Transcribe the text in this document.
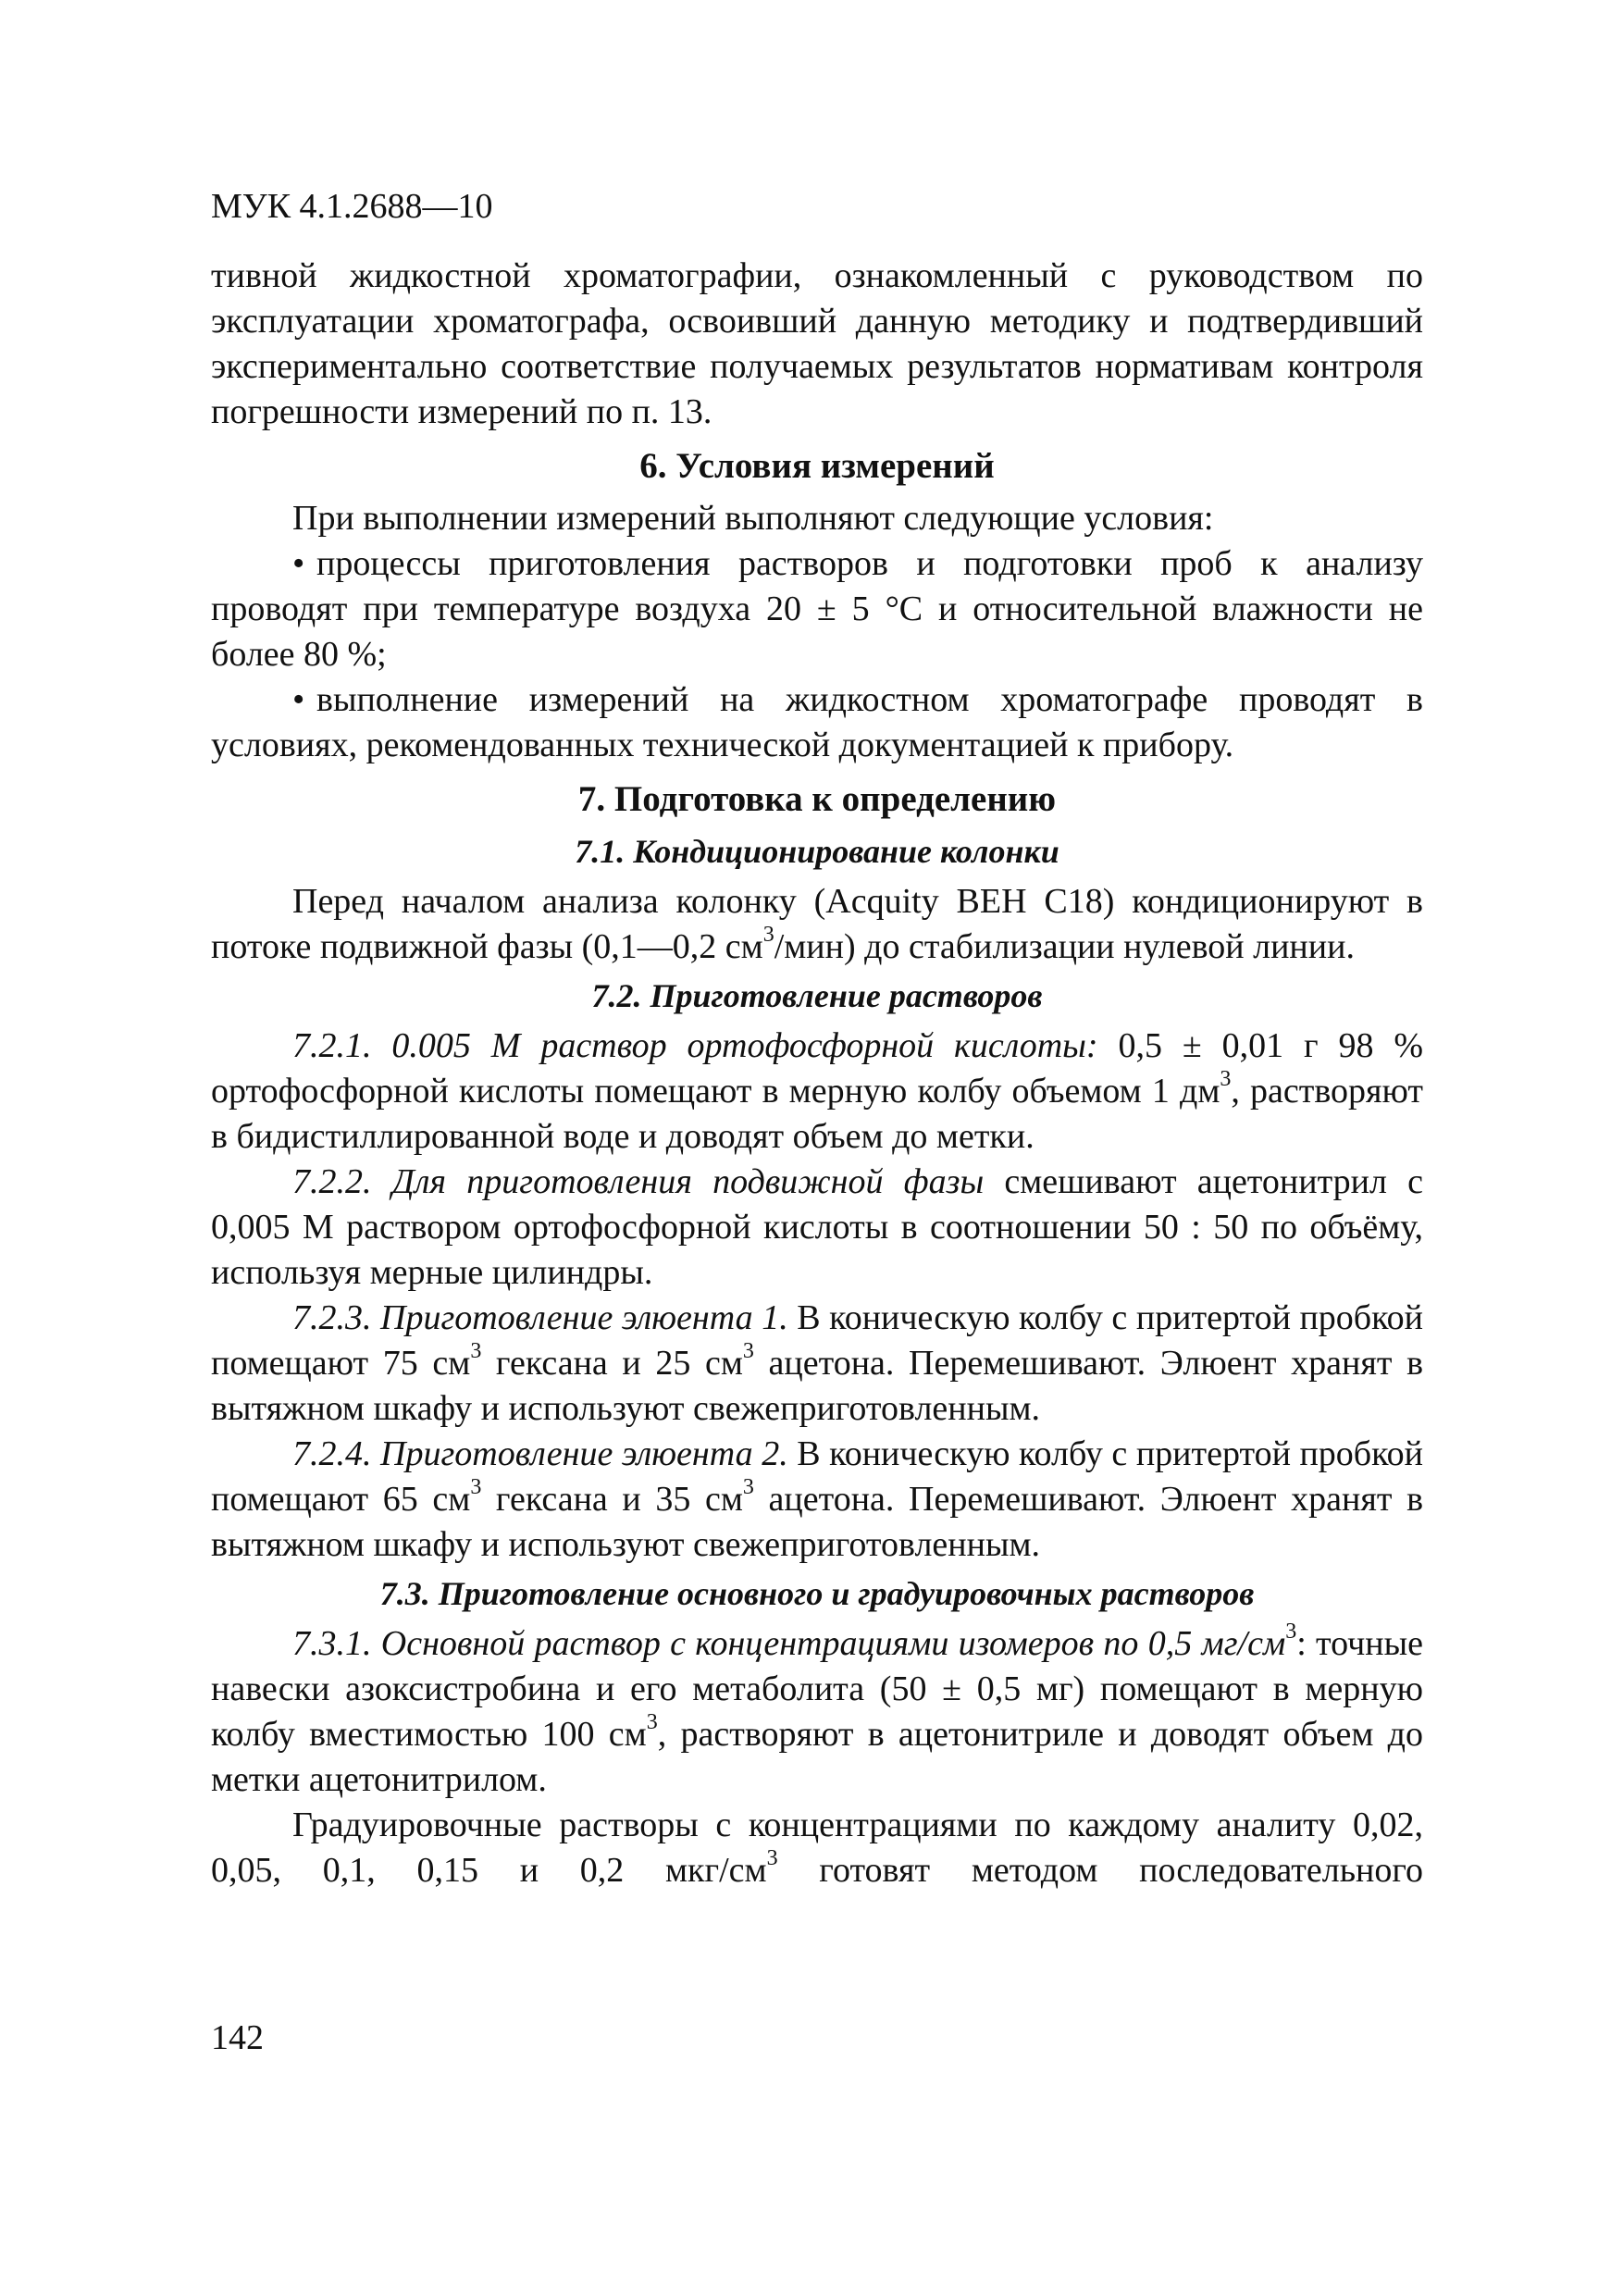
МУК 4.1.2688—10

тивной жидкостной хроматографии, ознакомленный с руководством по эксплуатации хроматографа, освоивший данную методику и подтвердивший экспериментально соответствие получаемых результатов нормативам контроля погрешности измерений по п. 13.

6. Условия измерений

При выполнении измерений выполняют следующие условия:

• процессы приготовления растворов и подготовки проб к анализу проводят при температуре воздуха 20 ± 5 °С и относительной влажности не более 80 %;

• выполнение измерений на жидкостном хроматографе проводят в условиях, рекомендованных технической документацией к прибору.

7. Подготовка к определению
7.1. Кондиционирование колонки

Перед началом анализа колонку (Acquity BEH C18) кондиционируют в потоке подвижной фазы (0,1—0,2 $см^3/мин$) до стабилизации нулевой линии.

7.2. Приготовление растворов

7.2.1. 0.005 М раствор ортофосфорной кислоты: 0,5 ± 0,01 г 98 % ортофосфорной кислоты помещают в мерную колбу объемом 1 $дм^3$, растворяют в бидистиллированной воде и доводят объем до метки.

7.2.2. Для приготовления подвижной фазы смешивают ацетонитрил с 0,005 М раствором ортофосфорной кислоты в соотношении 50 : 50 по объёму, используя мерные цилиндры.

7.2.3. Приготовление элюента 1. В коническую колбу с притертой пробкой помещают 75 $см^3$ гексана и 25 $см^3$ ацетона. Перемешивают. Элюент хранят в вытяжном шкафу и используют свежеприготовленным.

7.2.4. Приготовление элюента 2. В коническую колбу с притертой пробкой помещают 65 $см^3$ гексана и 35 $см^3$ ацетона. Перемешивают. Элюент хранят в вытяжном шкафу и используют свежеприготовленным.

7.3. Приготовление основного и градуировочных растворов

7.3.1. Основной раствор с концентрациями изомеров по 0,5 $мг/см^3$: точные навески азоксистробина и его метаболита (50 ± 0,5 мг) помещают в мерную колбу вместимостью 100 $см^3$, растворяют в ацетонитриле и доводят объем до метки ацетонитрилом.

Градуировочные растворы с концентрациями по каждому аналиту 0,02, 0,05, 0,1, 0,15 и 0,2 мкг/$см^3$ готовят методом последовательного

142
